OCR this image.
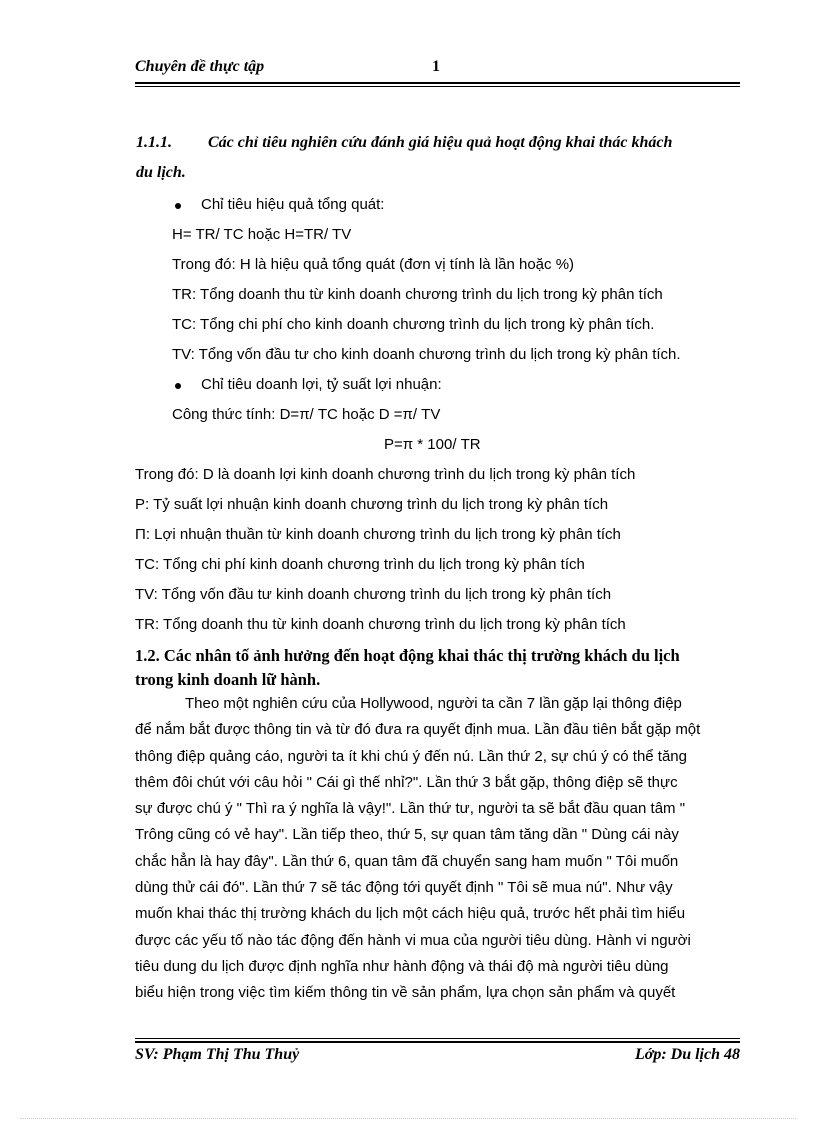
Chuyên đề thực tập	1
1.1.1. Các chỉ tiêu nghiên cứu đánh giá hiệu quả hoạt động khai thác khách
du lịch.
Chỉ tiêu hiệu quả tổng quát:
H= TR/ TC hoặc H=TR/ TV
Trong đó: H là hiệu quả tổng quát (đơn vị tính là lần hoặc %)
TR: Tổng doanh thu từ kinh doanh chương trình du lịch trong kỳ phân tích
TC: Tổng chi phí cho kinh doanh chương trình du lịch trong kỳ phân tích.
TV: Tổng vốn đầu tư cho kinh doanh chương trình du lịch trong kỳ phân tích.
Chỉ tiêu doanh lợi, tỷ suất lợi nhuận:
Công thức tính: D=π/ TC hoặc D =π/ TV
P=π * 100/ TR
Trong đó: D là doanh lợi kinh doanh chương trình du lịch trong kỳ phân tích
P: Tỷ suất lợi nhuận kinh doanh chương trình du lịch trong kỳ phân tích
Π: Lợi nhuận thuần từ kinh doanh chương trình du lịch trong kỳ phân tích
TC: Tổng chi phí kinh doanh chương trình du lịch trong kỳ phân tích
TV: Tổng vốn đầu tư kinh doanh chương trình du lịch trong kỳ phân tích
TR: Tổng doanh thu từ kinh doanh chương trình du lịch trong kỳ phân tích
1.2. Các nhân tố ảnh hưởng đến hoạt động khai thác thị trường khách du lịch
trong kinh doanh lữ hành.
Theo một nghiên cứu của Hollywood, người ta cần 7 lần gặp lại thông điệp
để nắm bắt được thông tin và từ đó đưa ra quyết định mua. Lần đầu tiên bắt gặp một
thông điệp quảng cáo, người ta ít khi chú ý đến nú. Lần thứ 2, sự chú ý có thể tăng
thêm đôi chút với câu hỏi " Cái gì thế nhỉ?". Lần thứ 3 bắt gặp, thông điệp sẽ thực
sự được chú ý " Thì ra ý nghĩa là vậy!". Lần thứ tư, người ta sẽ bắt đầu quan tâm "
Trông cũng có vẻ hay". Lần tiếp theo, thứ 5, sự quan tâm tăng dần " Dùng cái này
chắc hẳn là hay đây". Lần thứ 6, quan tâm đã chuyển sang ham muốn " Tôi muốn
dùng thử cái đó". Lần thứ 7 sẽ tác động tới quyết định " Tôi sẽ mua nú". Như vậy
muốn khai thác thị trường khách du lịch một cách hiệu quả, trước hết phải tìm hiểu
được các yếu tố nào tác động đến hành vi mua của người tiêu dùng. Hành vi người
tiêu dung du lịch được định nghĩa như hành động và thái độ mà người tiêu dùng
biểu hiện trong việc tìm kiếm thông tin về sản phẩm, lựa chọn sản phẩm và quyết
SV: Phạm Thị Thu Thuỷ	Lớp: Du lịch 48
